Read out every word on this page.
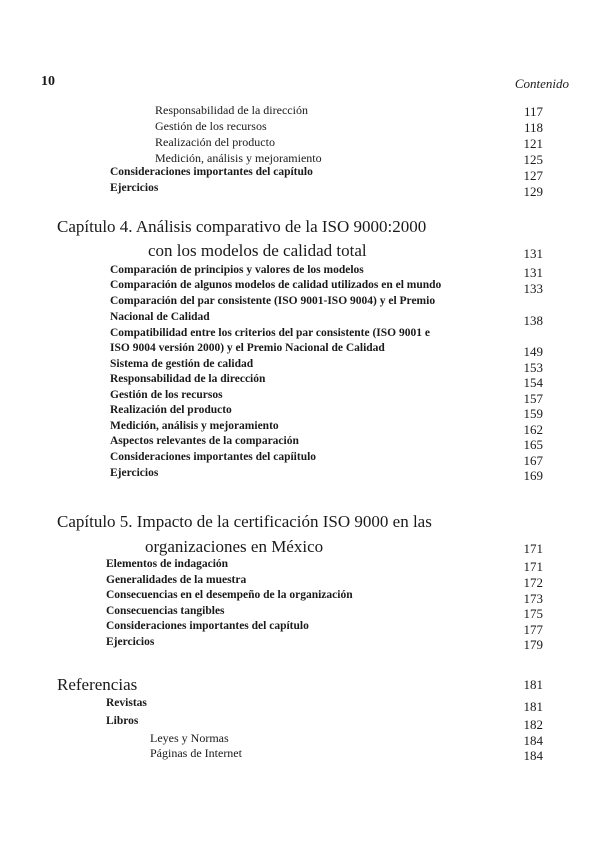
10	Contenido
Responsabilidad de la dirección	117
Gestión de los recursos	118
Realización del producto	121
Medición, análisis y mejoramiento	125
Consideraciones importantes del capítulo	127
Ejercicios	129
Capítulo 4. Análisis comparativo de la ISO 9000:2000
con los modelos de calidad total	131
Comparación de principios y valores de los modelos	131
Comparación de algunos modelos de calidad utilizados en el mundo	133
Comparación del par consistente (ISO 9001-ISO 9004) y el Premio
Nacional de Calidad	138
Compatibilidad entre los criterios del par consistente (ISO 9001 e
ISO 9004 versión 2000) y el Premio Nacional de Calidad	149
Sistema de gestión de calidad	153
Responsabilidad de la dirección	154
Gestión de los recursos	157
Realización del producto	159
Medición, análisis y mejoramiento	162
Aspectos relevantes de la comparación	165
Consideraciones importantes del capíitulo	167
Ejercicios	169
Capítulo 5. Impacto de la certificación ISO 9000 en las
organizaciones en México	171
Elementos de indagación	171
Generalidades de la muestra	172
Consecuencias en el desempeño de la organización	173
Consecuencias tangibles	175
Consideraciones importantes del capítulo	177
Ejercicios	179
Referencias	181
Revistas	181
Libros	182
Leyes y Normas	184
Páginas de Internet	184
